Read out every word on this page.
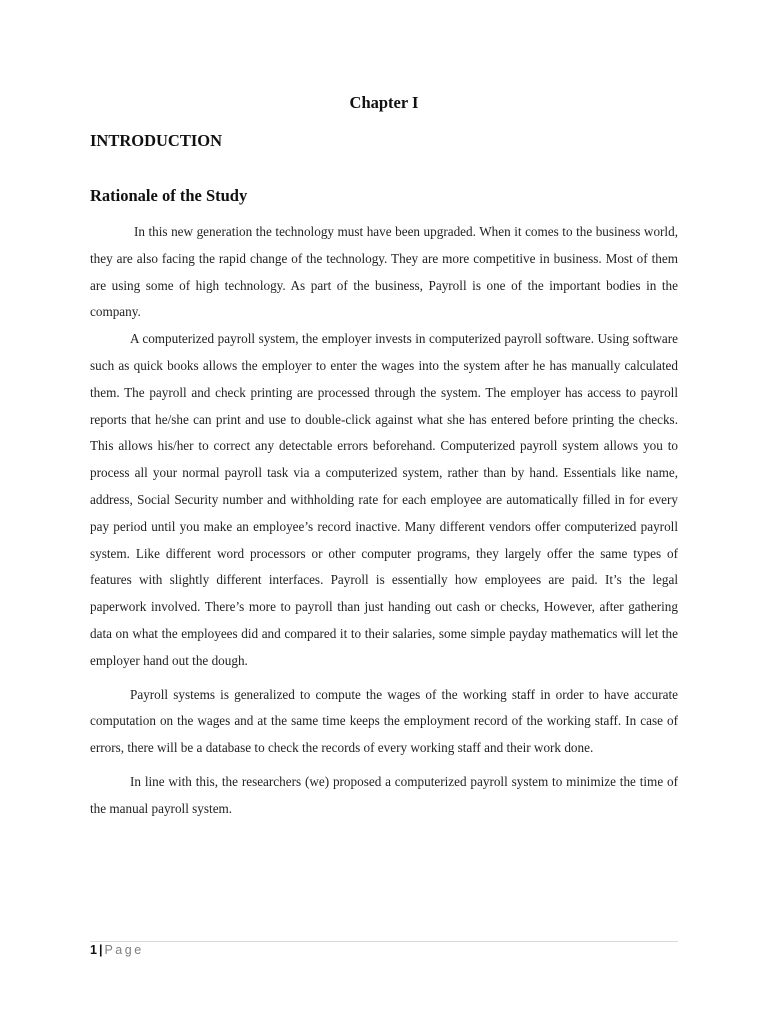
Chapter I
INTRODUCTION
Rationale of the Study

In this new generation the technology must have been upgraded. When it comes to the business world, they are also facing the rapid change of the technology. They are more competitive in business. Most of them are using some of high technology. As part of the business, Payroll is one of the important bodies in the company.

A computerized payroll system, the employer invests in computerized payroll software. Using software such as quick books allows the employer to enter the wages into the system after he has manually calculated them. The payroll and check printing are processed through the system. The employer has access to payroll reports that he/she can print and use to double-click against what she has entered before printing the checks. This allows his/her to correct any detectable errors beforehand. Computerized payroll system allows you to process all your normal payroll task via a computerized system, rather than by hand. Essentials like name, address, Social Security number and withholding rate for each employee are automatically filled in for every pay period until you make an employee’s record inactive. Many different vendors offer computerized payroll system. Like different word processors or other computer programs, they largely offer the same types of features with slightly different interfaces. Payroll is essentially how employees are paid. It’s the legal paperwork involved. There’s more to payroll than just handing out cash or checks, However, after gathering data on what the employees did and compared it to their salaries, some simple payday mathematics will let the employer hand out the dough.

Payroll systems is generalized to compute the wages of the working staff in order to have accurate computation on the wages and at the same time keeps the employment record of the working staff. In case of errors, there will be a database to check the records of every working staff and their work done.

In line with this, the researchers (we) proposed a computerized payroll system to minimize the time of the manual payroll system.

1 | Page
